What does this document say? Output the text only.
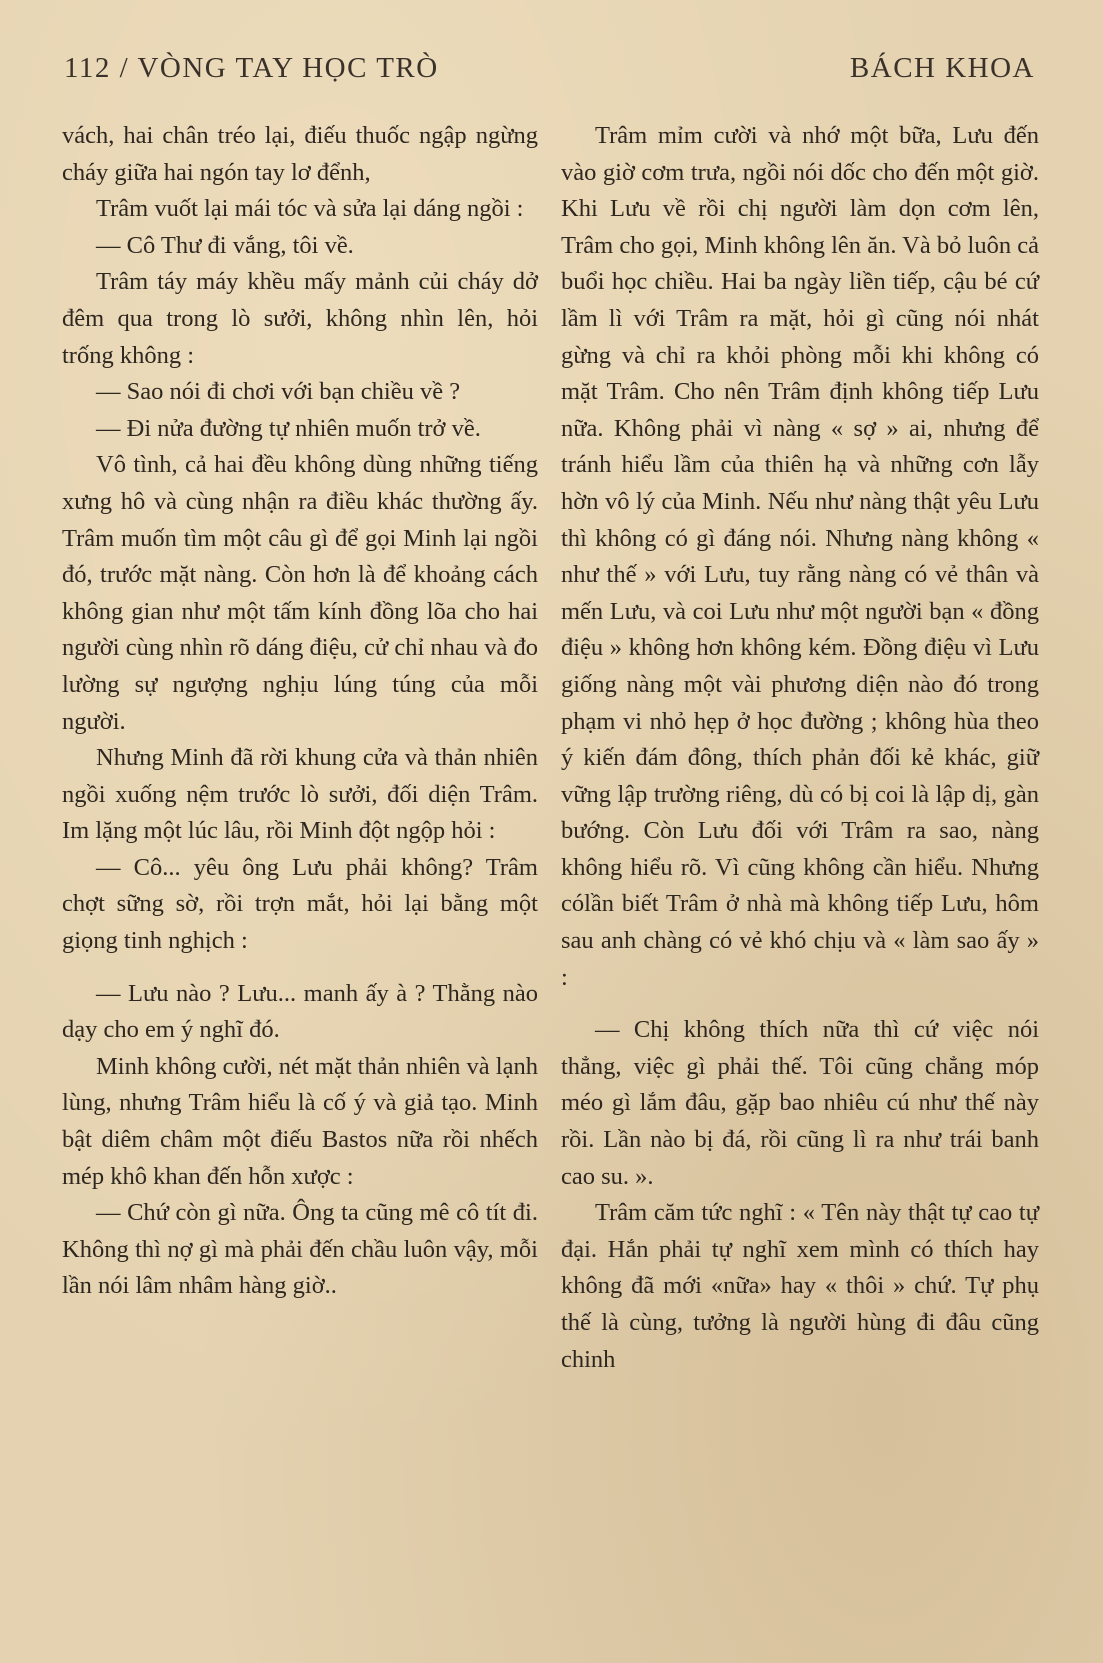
112 / VÒNG TAY HỌC TRÒ	BÁCH KHOA

vách, hai chân tréo lại, điếu thuốc ngập ngừng cháy giữa hai ngón tay lơ đểnh,

Trâm vuốt lại mái tóc và sửa lại dáng ngồi :

— Cô Thư đi vắng, tôi về.

Trâm táy máy khều mấy mảnh củi cháy dở đêm qua trong lò sưởi, không nhìn lên, hỏi trống không :

— Sao nói đi chơi với bạn chiều về ?

— Đi nửa đường tự nhiên muốn trở về.

Vô tình, cả hai đều không dùng những tiếng xưng hô và cùng nhận ra điều khác thường ấy. Trâm muốn tìm một câu gì để gọi Minh lại ngồi đó, trước mặt nàng. Còn hơn là để khoảng cách không gian như một tấm kính đồng lõa cho hai người cùng nhìn rõ dáng điệu, cử chỉ nhau và đo lường sự ngượng nghịu lúng túng của mỗi người.

Nhưng Minh đã rời khung cửa và thản nhiên ngồi xuống nệm trước lò sưởi, đối diện Trâm. Im lặng một lúc lâu, rồi Minh đột ngộp hỏi :

— Cô... yêu ông Lưu phải không? Trâm chợt sững sờ, rồi trợn mắt, hỏi lại bằng một giọng tinh nghịch :

— Lưu nào ? Lưu... manh ấy à ? Thằng nào dạy cho em ý nghĩ đó.

Minh không cười, nét mặt thản nhiên và lạnh lùng, nhưng Trâm hiểu là cố ý và giả tạo. Minh bật diêm châm một điếu Bastos nữa rồi nhếch mép khô khan đến hỗn xược :

— Chứ còn gì nữa. Ông ta cũng mê cô tít đi. Không thì nợ gì mà phải đến chầu luôn vậy, mỗi lần nói lâm nhâm hàng giờ..

Trâm mỉm cười và nhớ một bữa, Lưu đến vào giờ cơm trưa, ngồi nói dốc cho đến một giờ. Khi Lưu về rồi chị người làm dọn cơm lên, Trâm cho gọi, Minh không lên ăn. Và bỏ luôn cả buổi học chiều. Hai ba ngày liền tiếp, cậu bé cứ lầm lì với Trâm ra mặt, hỏi gì cũng nói nhát gừng và chỉ ra khỏi phòng mỗi khi không có mặt Trâm. Cho nên Trâm định không tiếp Lưu nữa. Không phải vì nàng « sợ » ai, nhưng để tránh hiểu lầm của thiên hạ và những cơn lẫy hờn vô lý của Minh. Nếu như nàng thật yêu Lưu thì không có gì đáng nói. Nhưng nàng không « như thế » với Lưu, tuy rằng nàng có vẻ thân và mến Lưu, và coi Lưu như một người bạn « đồng điệu » không hơn không kém. Đồng điệu vì Lưu giống nàng một vài phương diện nào đó trong phạm vi nhỏ hẹp ở học đường ; không hùa theo ý kiến đám đông, thích phản đối kẻ khác, giữ vững lập trường riêng, dù có bị coi là lập dị, gàn bướng. Còn Lưu đối với Trâm ra sao, nàng không hiểu rõ. Vì cũng không cần hiểu. Nhưng cólần biết Trâm ở nhà mà không tiếp Lưu, hôm sau anh chàng có vẻ khó chịu và « làm sao ấy » :

— Chị không thích nữa thì cứ việc nói thẳng, việc gì phải thế. Tôi cũng chẳng móp méo gì lắm đâu, gặp bao nhiêu cú như thế này rồi. Lần nào bị đá, rồi cũng lì ra như trái banh cao su. ».

Trâm căm tức nghĩ : « Tên này thật tự cao tự đại. Hắn phải tự nghĩ xem mình có thích hay không đã mới «nữa» hay « thôi » chứ. Tự phụ thế là cùng, tưởng là người hùng đi đâu cũng chinh
